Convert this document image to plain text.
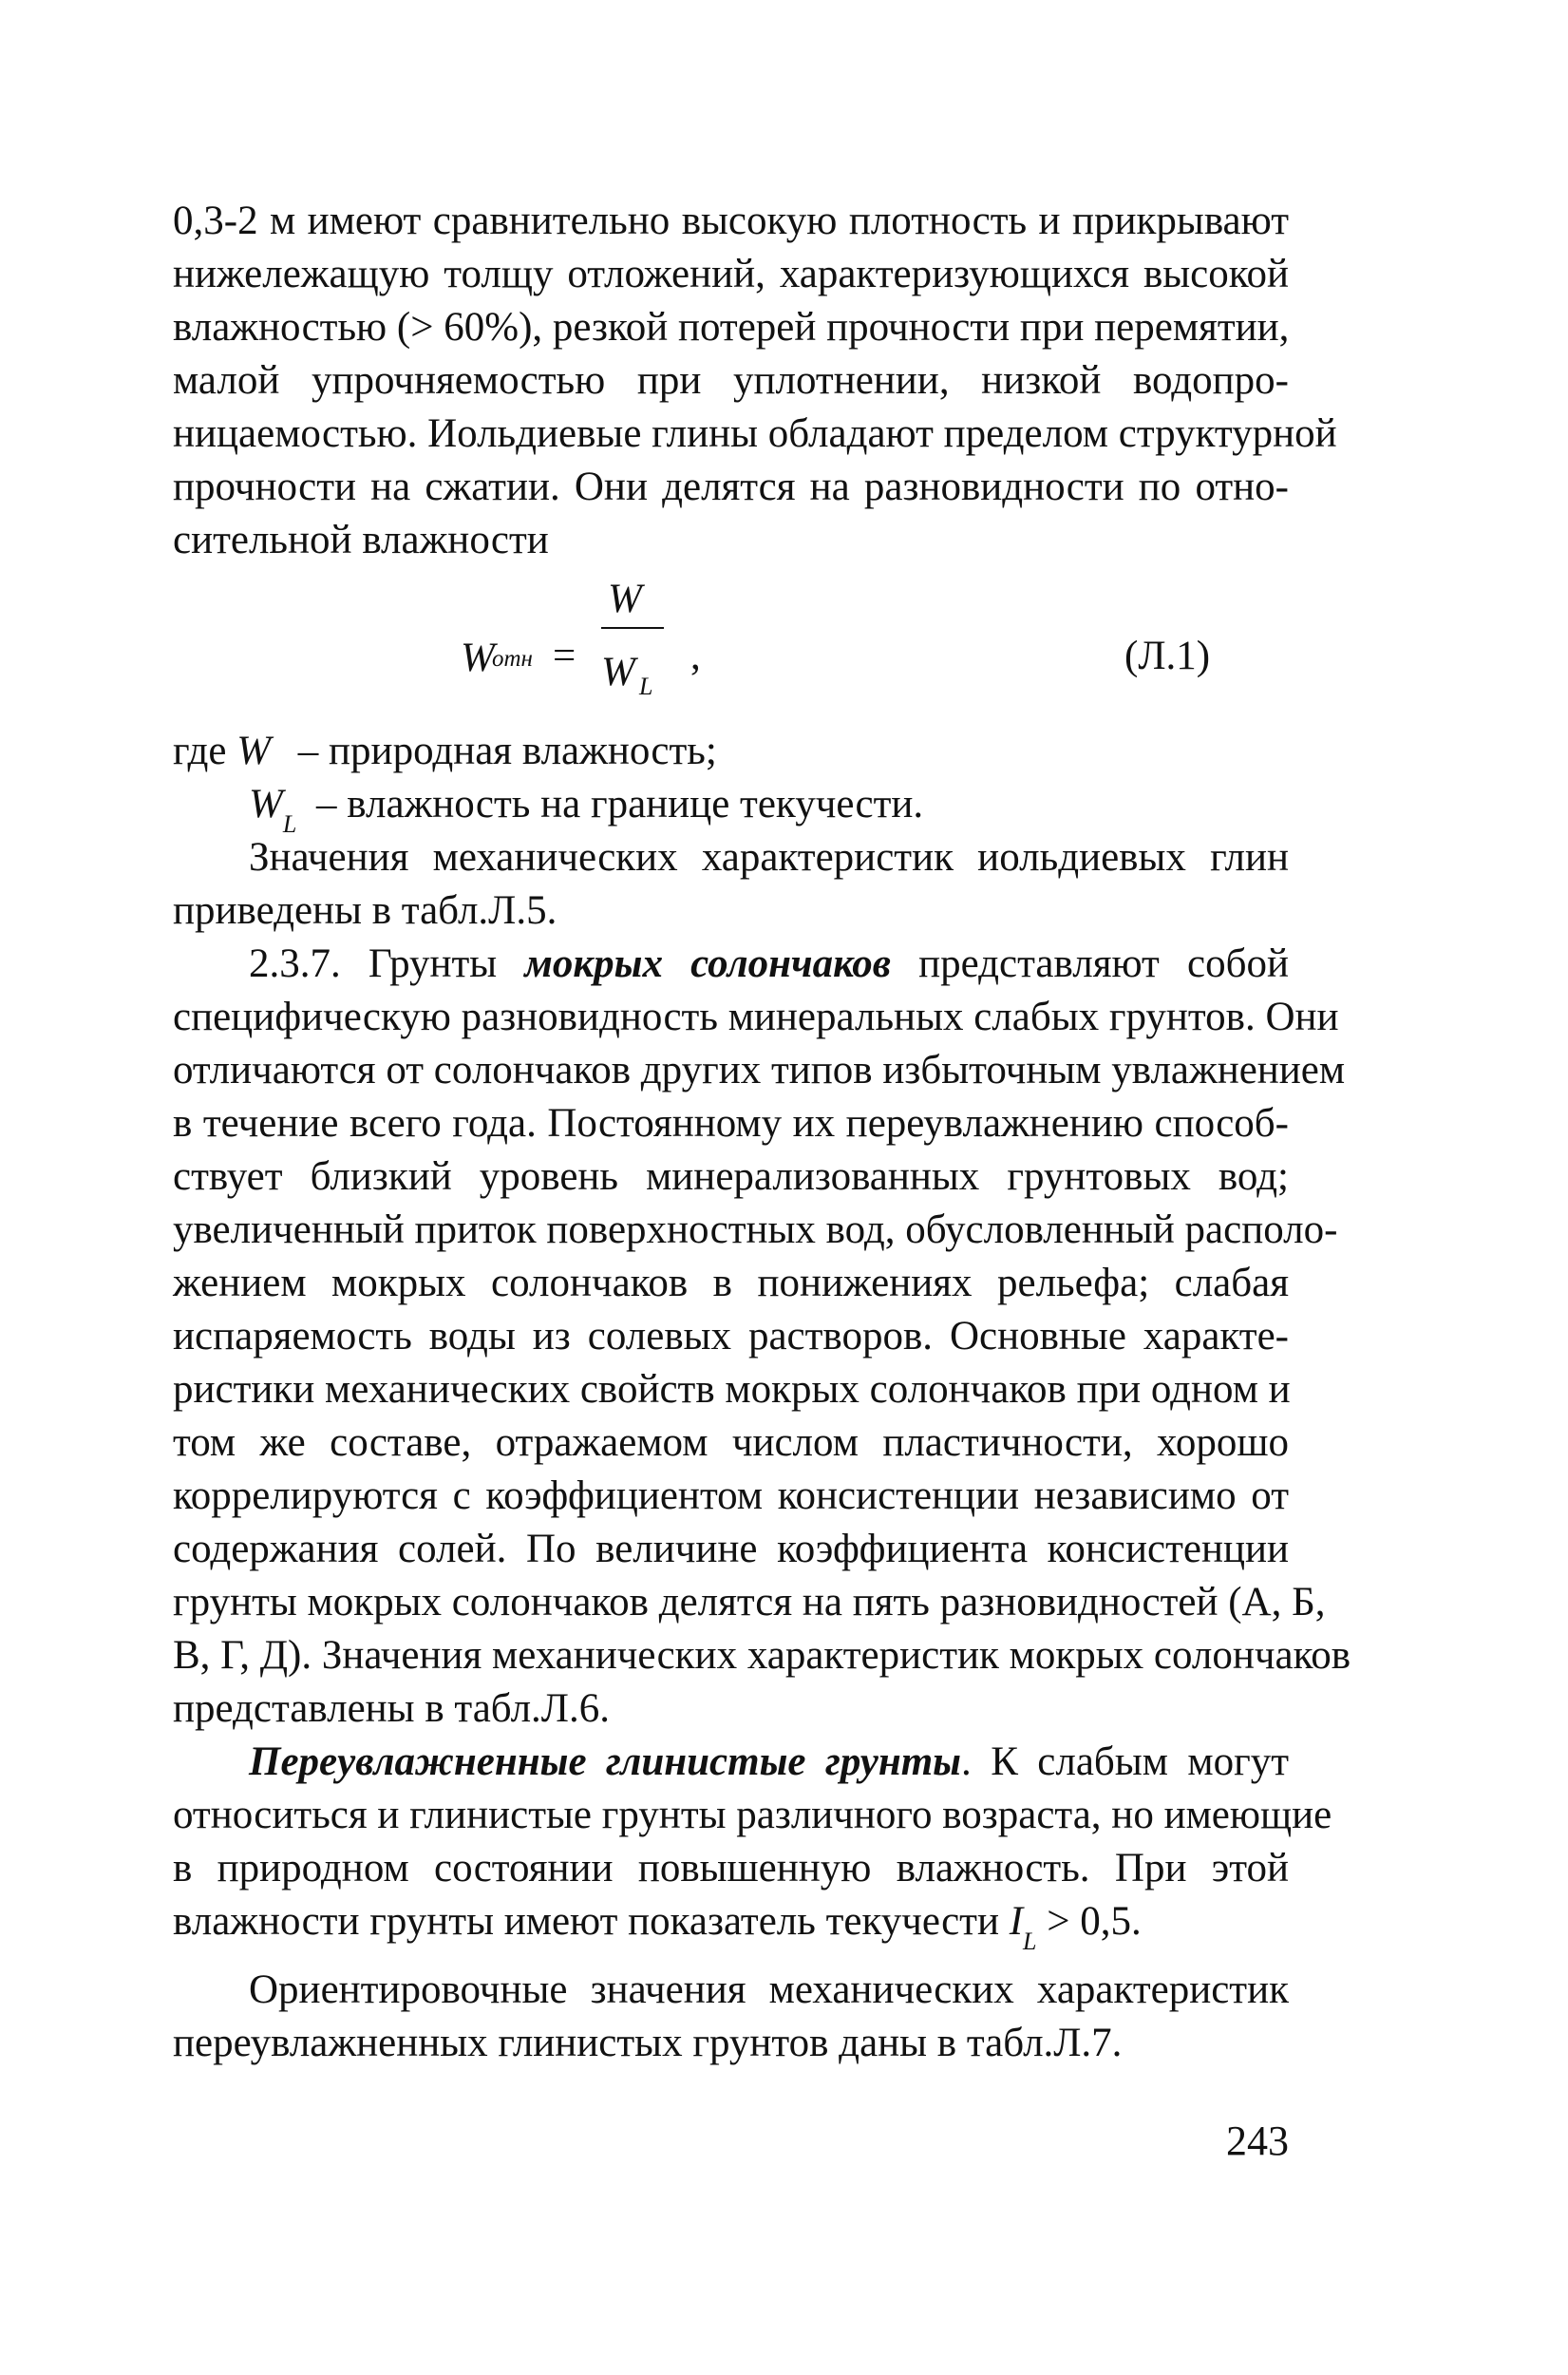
0,3-2 м имеют сравнительно высокую плотность и прикрывают
нижележащую толщу отложений, характеризующихся высокой
влажностью (> 60%), резкой потерей прочности при перемятии,
малой упрочняемостью при уплотнении, низкой водопро-
ницаемостью. Иольдиевые глины обладают пределом структурной
прочности на сжатии. Они делятся на разновидности по отно-
сительной влажности
W
отн =
W
W L
,	(Л.1)
где W – природная влажность;
$W_L$ – влажность на границе текучести.
Значения механических характеристик иольдиевых глин
приведены в табл.Л.5.
2.3.7. Грунты мокрых солончаков представляют собой
специфическую разновидность минеральных слабых грунтов. Они
отличаются от солончаков других типов избыточным увлажнением
в течение всего года. Постоянному их переувлажнению способ-
ствует близкий уровень минерализованных грунтовых вод;
увеличенный приток поверхностных вод, обусловленный располо-
жением мокрых солончаков в понижениях рельефа; слабая
испаряемость воды из солевых растворов. Основные характе-
ристики механических свойств мокрых солончаков при одном и
том же составе, отражаемом числом пластичности, хорошо
коррелируются с коэффициентом консистенции независимо от
содержания солей. По величине коэффициента консистенции
грунты мокрых солончаков делятся на пять разновидностей (А, Б,
В, Г, Д). Значения механических характеристик мокрых солончаков
представлены в табл.Л.6.
Переувлажненные глинистые грунты. К слабым могут
относиться и глинистые грунты различного возраста, но имеющие
в природном состоянии повышенную влажность. При этой
влажности грунты имеют показатель текучести $I_L > 0,5$.
Ориентировочные значения механических характеристик
переувлажненных глинистых грунтов даны в табл.Л.7.
243
